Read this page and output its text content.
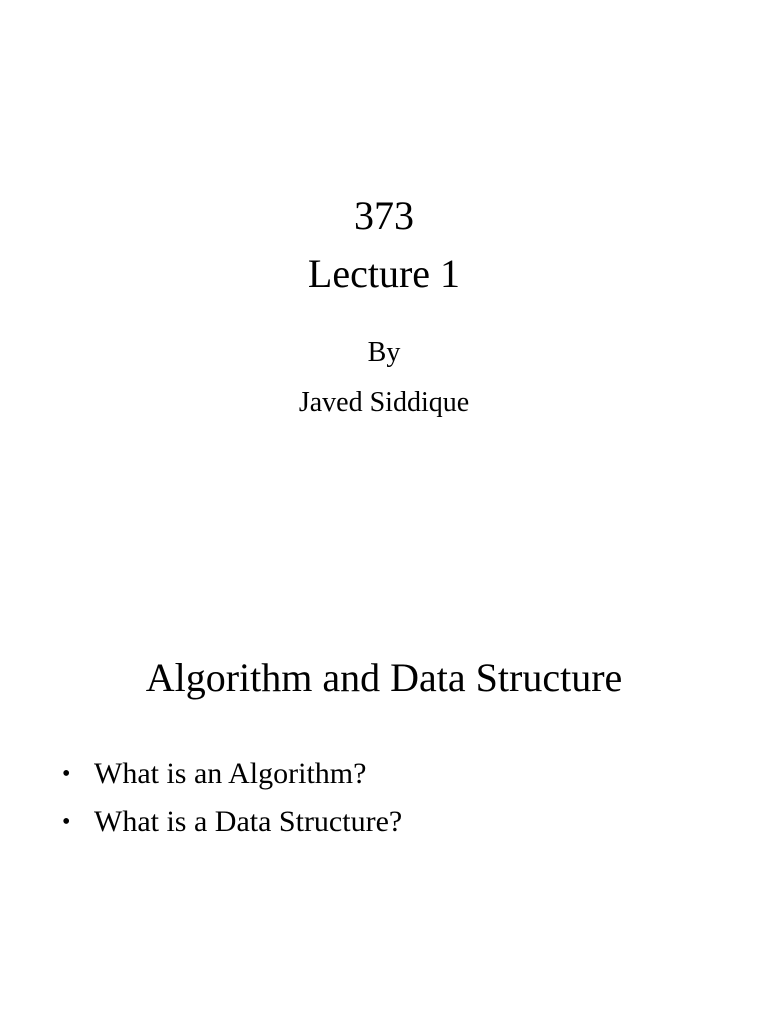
373
Lecture 1
By
Javed Siddique
Algorithm and Data Structure
• What is an Algorithm?
• What is a Data Structure?
